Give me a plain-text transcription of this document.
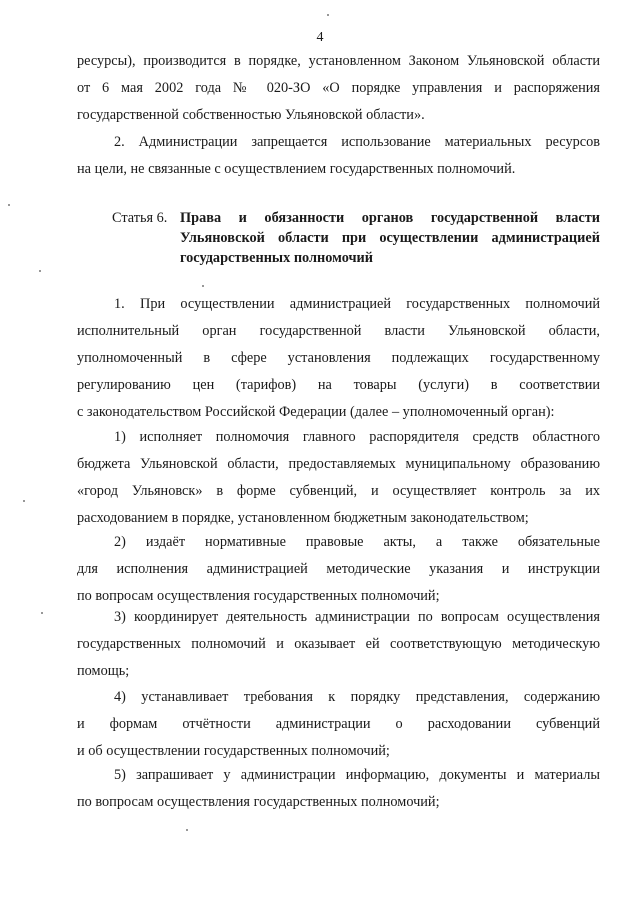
4
ресурсы), производится в порядке, установленном Законом Ульяновской области
от 6 мая 2002 года № 020-ЗО «О порядке управления и распоряжения
государственной собственностью Ульяновской области».
2. Администрации запрещается использование материальных ресурсов
на цели, не связанные с осуществлением государственных полномочий.
Статья 6. Права и обязанности органов государственной власти
Ульяновской области при осуществлении администрацией
государственных полномочий
1. При осуществлении администрацией государственных полномочий
исполнительный орган государственной власти Ульяновской области,
уполномоченный в сфере установления подлежащих государственному
регулированию цен (тарифов) на товары (услуги) в соответствии
с законодательством Российской Федерации (далее – уполномоченный орган):
1) исполняет полномочия главного распорядителя средств областного
бюджета Ульяновской области, предоставляемых муниципальному образованию
«город Ульяновск» в форме субвенций, и осуществляет контроль за их
расходованием в порядке, установленном бюджетным законодательством;
2) издаёт нормативные правовые акты, а также обязательные
для исполнения администрацией методические указания и инструкции
по вопросам осуществления государственных полномочий;
3) координирует деятельность администрации по вопросам осуществления
государственных полномочий и оказывает ей соответствующую методическую
помощь;
4) устанавливает требования к порядку представления, содержанию
и формам отчётности администрации о расходовании субвенций
и об осуществлении государственных полномочий;
5) запрашивает у администрации информацию, документы и материалы
по вопросам осуществления государственных полномочий;
